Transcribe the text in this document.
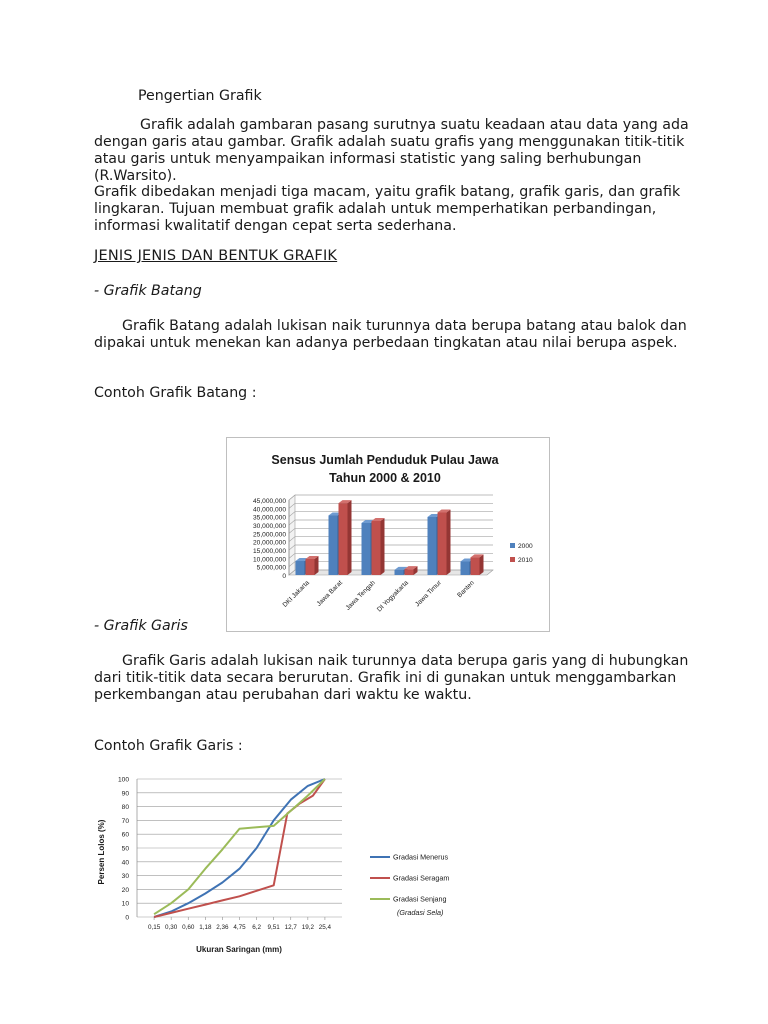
Pengertian Grafik

Grafik adalah gambaran pasang surutnya suatu keadaan atau data yang ada dengan garis atau gambar. Grafik adalah suatu grafis yang menggunakan titik-titik atau garis untuk menyampaikan informasi statistic yang saling berhubungan (R.Warsito).

Grafik dibedakan menjadi tiga macam, yaitu grafik batang, grafik garis, dan grafik lingkaran. Tujuan membuat grafik adalah untuk memperhatikan perbandingan, informasi kwalitatif dengan cepat serta sederhana.

JENIS JENIS DAN BENTUK GRAFIK

- Grafik Batang

Grafik Batang adalah lukisan naik turunnya data berupa batang atau balok dan dipakai untuk menekan kan adanya perbedaan tingkatan atau nilai berupa aspek.

Contoh Grafik Batang :

Sensus Jumlah Penduduk Pulau Jawa
Tahun 2000 & 2010
45,000,000
40,000,000
35,000,000
30,000,000
25,000,000
20,000,000
15,000,000
10,000,000
5,000,000
0
DKI Jakarta Jawa Barat Jawa Tengah DI Yogyakarta Jawa Timur Banten
2000
2010

- Grafik Garis

Grafik Garis adalah lukisan naik turunnya data berupa garis yang di hubungkan dari titik-titik data secara berurutan. Grafik ini di gunakan untuk menggambarkan perkembangan atau perubahan dari waktu ke waktu.

Contoh Grafik Garis :

Persen Lolos (%)
Ukuran Saringan (mm)
100
90
80
70
60
50
40
30
20
10
0
0,15 0,30 0,60 1,18 2,36 4,75 6,2 9,51 12,7 19,2 25,4
Gradasi Menerus
Gradasi Seragam
Gradasi Senjang
(Gradasi Sela)
